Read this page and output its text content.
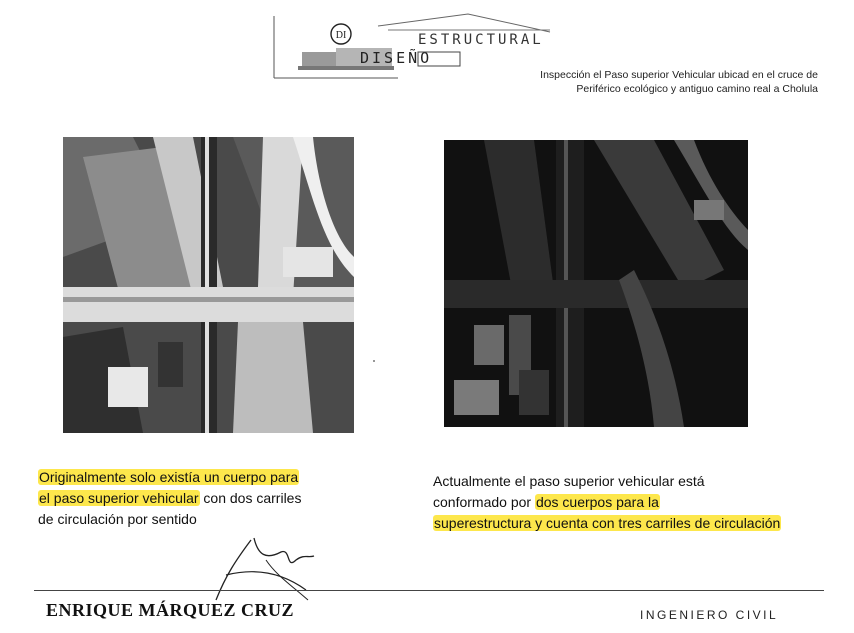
DI	ESTRUCTURAL
DISEÑO
Inspección el Paso superior Vehicular ubicad en el cruce de
Periférico ecológico y antiguo camino real a Cholula
Originalmente solo existía un cuerpo para
el paso superior vehicular con dos carriles
de circulación por sentido
Actualmente el paso superior vehicular está
conformado por dos cuerpos para la
superestructura y cuenta con tres carriles de circulación
ENRIQUE MÁRQUEZ CRUZ	INGENIERO CIVIL
